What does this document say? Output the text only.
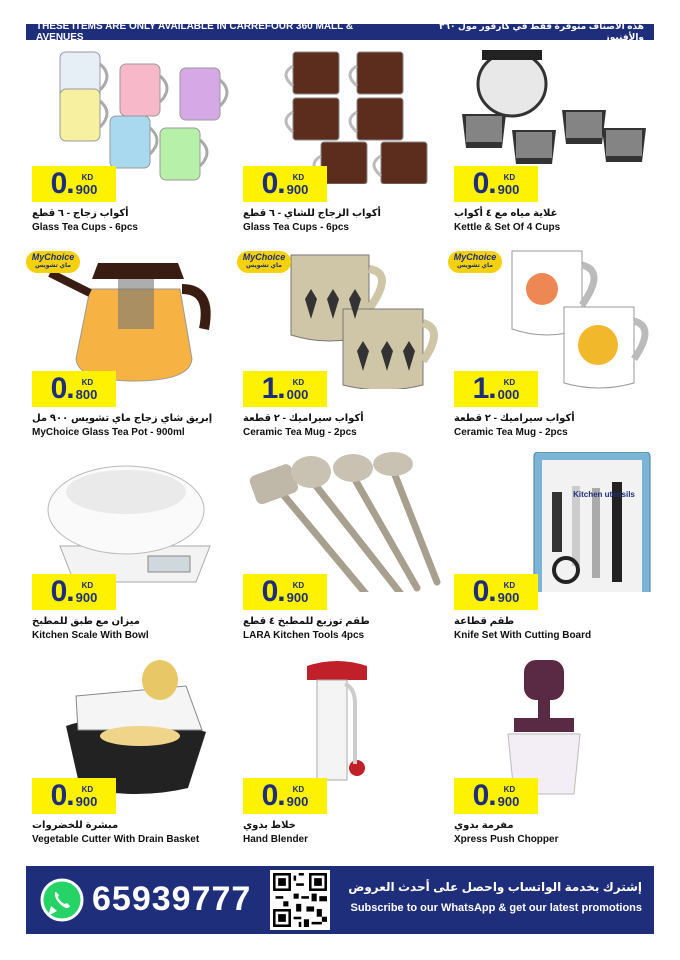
THESE ITEMS ARE ONLY AVAILABLE IN CARREFOUR 360 MALL & AVENUES
هذه الأصناف متوفرة فقط في كارفور مول ٣٦٠ والأفنيوز
0. KD
900
أكواب زجاج - ٦ قطع
Glass Tea Cups - 6pcs
0. KD
900
أكواب الزجاج للشاي - ٦ قطع
Glass Tea Cups - 6pcs
0. KD
900
غلاية مياه مع ٤ أكواب
Kettle & Set Of 4 Cups
MyChoice
ماي تشويس
0. KD
800
إبريق شاي زجاج ماي تشويس ٩٠٠ مل
MyChoice Glass Tea Pot - 900ml
MyChoice
ماي تشويس
1. KD
000
أكواب سيراميك - ٢ قطعة
Ceramic Tea Mug - 2pcs
MyChoice
ماي تشويس
1. KD
000
أكواب سيراميك - ٢ قطعة
Ceramic Tea Mug - 2pcs
0. KD
900
ميزان مع طبق للمطبخ
Kitchen Scale With Bowl
0. KD
900
طقم توزيع للمطبخ ٤ قطع
LARA Kitchen Tools 4pcs
Kitchen utensils
0. KD
900
طقم قطاعة
Knife Set With Cutting Board
0. KD
900
مبشرة للخضروات
Vegetable Cutter With Drain Basket
0. KD
900
خلاط بدوي
Hand Blender
0. KD
900
مفرمة بدوي
Xpress Push Chopper
65939777	إشترك بخدمة الواتساب واحصل على أحدث العروض
Subscribe to our WhatsApp & get our latest promotions
